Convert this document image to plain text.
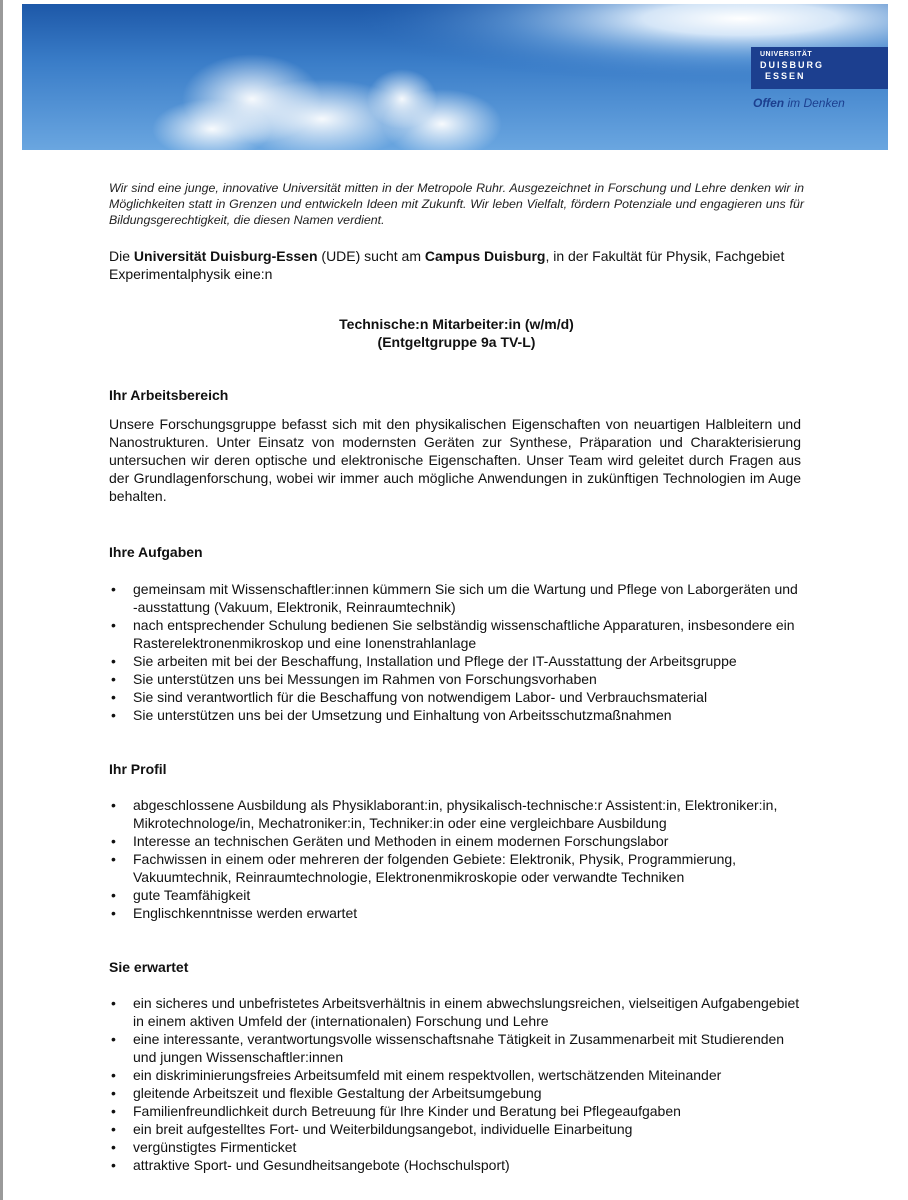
UNIVERSITÄT
DUISBURG
ESSEN
Offen im Denken
Wir sind eine junge, innovative Universität mitten in der Metropole Ruhr. Ausgezeichnet in Forschung und Lehre denken wir in Möglichkeiten statt in Grenzen und entwickeln Ideen mit Zukunft. Wir leben Vielfalt, fördern Potenziale und engagieren uns für Bildungsgerechtigkeit, die diesen Namen verdient.
Die Universität Duisburg-Essen (UDE) sucht am Campus Duisburg, in der Fakultät für Physik, Fachgebiet Experimentalphysik eine:n
Technische:n Mitarbeiter:in (w/m/d)
(Entgeltgruppe 9a TV-L)
Ihr Arbeitsbereich
Unsere Forschungsgruppe befasst sich mit den physikalischen Eigenschaften von neuartigen Halbleitern und Nanostrukturen. Unter Einsatz von modernsten Geräten zur Synthese, Präparation und Charakterisierung untersuchen wir deren optische und elektronische Eigenschaften. Unser Team wird geleitet durch Fragen aus der Grundlagenforschung, wobei wir immer auch mögliche Anwendungen in zukünftigen Technologien im Auge behalten.
Ihre Aufgaben
• gemeinsam mit Wissenschaftler:innen kümmern Sie sich um die Wartung und Pflege von Laborgeräten und -ausstattung (Vakuum, Elektronik, Reinraumtechnik)
• nach entsprechender Schulung bedienen Sie selbständig wissenschaftliche Apparaturen, insbesondere ein Rasterelektronenmikroskop und eine Ionenstrahlanlage
• Sie arbeiten mit bei der Beschaffung, Installation und Pflege der IT-Ausstattung der Arbeitsgruppe
• Sie unterstützen uns bei Messungen im Rahmen von Forschungsvorhaben
• Sie sind verantwortlich für die Beschaffung von notwendigem Labor- und Verbrauchsmaterial
• Sie unterstützen uns bei der Umsetzung und Einhaltung von Arbeitsschutzmaßnahmen
Ihr Profil
• abgeschlossene Ausbildung als Physiklaborant:in, physikalisch-technische:r Assistent:in, Elektroniker:in, Mikrotechnologe/in, Mechatroniker:in, Techniker:in oder eine vergleichbare Ausbildung
• Interesse an technischen Geräten und Methoden in einem modernen Forschungslabor
• Fachwissen in einem oder mehreren der folgenden Gebiete: Elektronik, Physik, Programmierung, Vakuumtechnik, Reinraumtechnologie, Elektronenmikroskopie oder verwandte Techniken
• gute Teamfähigkeit
• Englischkenntnisse werden erwartet
Sie erwartet
• ein sicheres und unbefristetes Arbeitsverhältnis in einem abwechslungsreichen, vielseitigen Aufgabengebiet in einem aktiven Umfeld der (internationalen) Forschung und Lehre
• eine interessante, verantwortungsvolle wissenschaftsnahe Tätigkeit in Zusammenarbeit mit Studierenden und jungen Wissenschaftler:innen
• ein diskriminierungsfreies Arbeitsumfeld mit einem respektvollen, wertschätzenden Miteinander
• gleitende Arbeitszeit und flexible Gestaltung der Arbeitsumgebung
• Familienfreundlichkeit durch Betreuung für Ihre Kinder und Beratung bei Pflegeaufgaben
• ein breit aufgestelltes Fort- und Weiterbildungsangebot, individuelle Einarbeitung
• vergünstigtes Firmenticket
• attraktive Sport- und Gesundheitsangebote (Hochschulsport)
